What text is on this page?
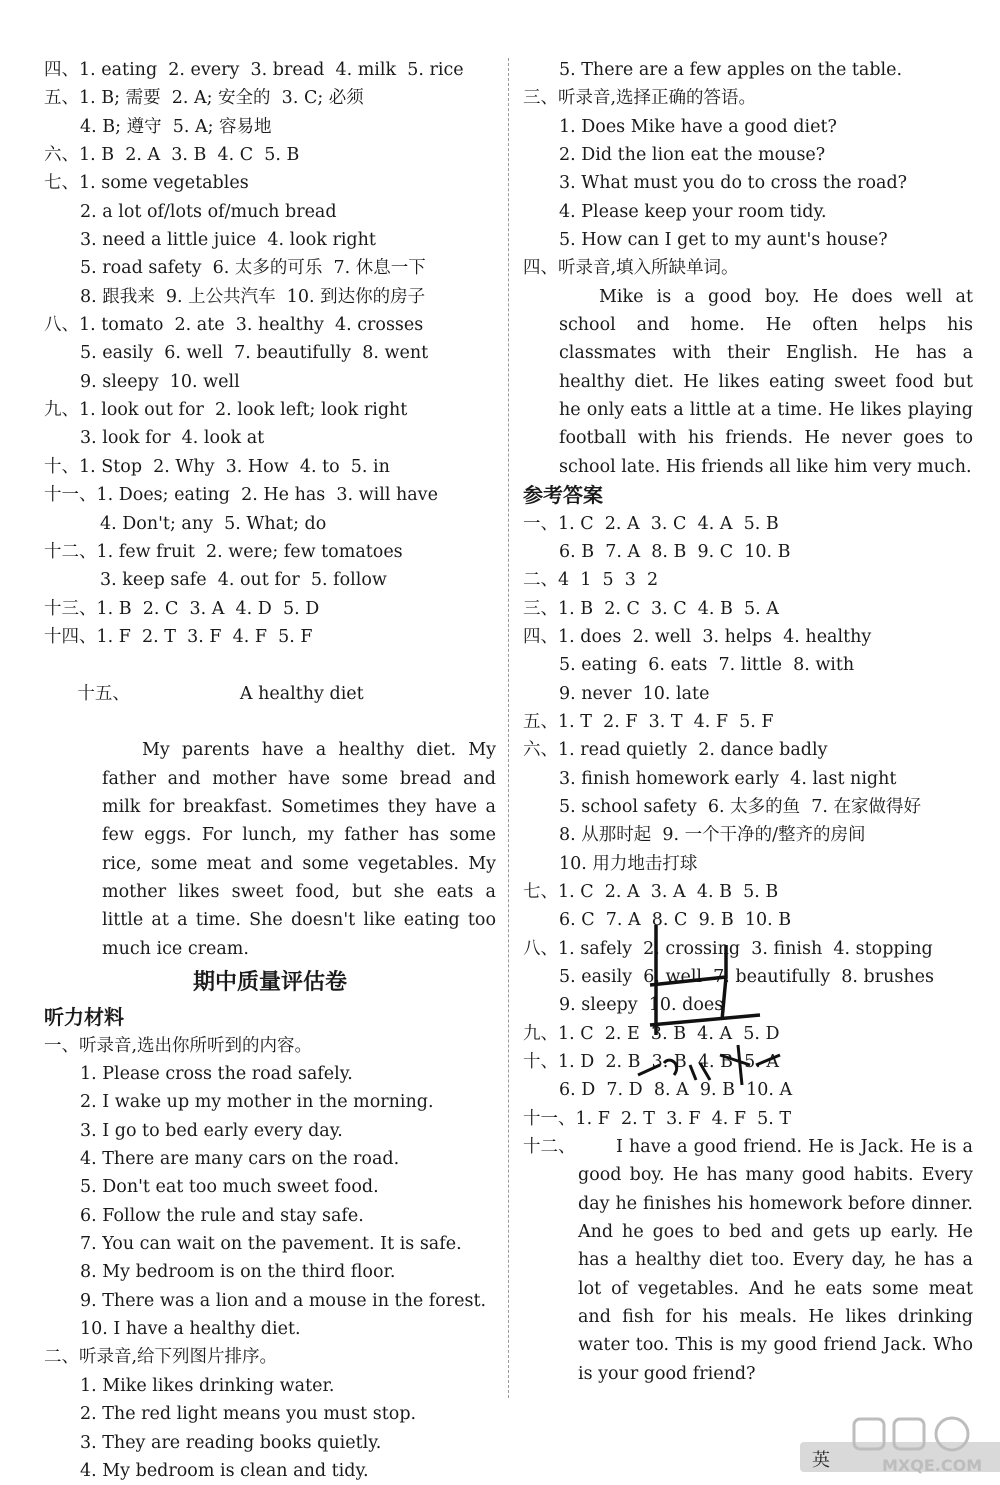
四、1. eating  2. every  3. bread  4. milk  5. rice
五、1. B; 需要  2. A; 安全的  3. C; 必须
4. B; 遵守  5. A; 容易地
六、1. B  2. A  3. B  4. C  5. B
七、1. some vegetables
2. a lot of/lots of/much bread
3. need a little juice  4. look right
5. road safety  6. 太多的可乐  7. 休息一下
8. 跟我来  9. 上公共汽车  10. 到达你的房子
八、1. tomato  2. ate  3. healthy  4. crosses
5. easily  6. well  7. beautifully  8. went
9. sleepy  10. well
九、1. look out for  2. look left; look right
3. look for  4. look at
十、1. Stop  2. Why  3. How  4. to  5. in
十一、1. Does; eating  2. He has  3. will have
4. Don't; any  5. What; do
十二、1. few fruit  2. were; few tomatoes
3. keep safe  4. out for  5. follow
十三、1. B  2. C  3. A  4. D  5. D
十四、1. F  2. T  3. F  4. F  5. F

十五、	A healthy diet

My parents have a healthy diet. My father and mother have some bread and milk for breakfast. Sometimes they have a few eggs. For lunch, my father has some rice, some meat and some vegetables. My mother likes sweet food, but she eats a little at a time. She doesn't like eating too much ice cream.
期中质量评估卷
听力材料
一、听录音,选出你所听到的内容。
1. Please cross the road safely.
2. I wake up my mother in the morning.
3. I go to bed early every day.
4. There are many cars on the road.
5. Don't eat too much sweet food.
6. Follow the rule and stay safe.
7. You can wait on the pavement. It is safe.
8. My bedroom is on the third floor.
9. There was a lion and a mouse in the forest.
10. I have a healthy diet.
二、听录音,给下列图片排序。
1. Mike likes drinking water.
2. The red light means you must stop.
3. They are reading books quietly.
4. My bedroom is clean and tidy.
5. There are a few apples on the table.
三、听录音,选择正确的答语。
1. Does Mike have a good diet?
2. Did the lion eat the mouse?
3. What must you do to cross the road?
4. Please keep your room tidy.
5. How can I get to my aunt's house?
四、听录音,填入所缺单词。
Mike is a good boy. He does well at school and home. He often helps his classmates with their English. He has a healthy diet. He likes eating sweet food but he only eats a little at a time. He likes playing football with his friends. He never goes to school late. His friends all like him very much.
参考答案
一、1. C  2. A  3. C  4. A  5. B
6. B  7. A  8. B  9. C  10. B
二、4  1  5  3  2
三、1. B  2. C  3. C  4. B  5. A
四、1. does  2. well  3. helps  4. healthy
5. eating  6. eats  7. little  8. with
9. never  10. late
五、1. T  2. F  3. T  4. F  5. F
六、1. read quietly  2. dance badly
3. finish homework early  4. last night
5. school safety  6. 太多的鱼  7. 在家做得好
8. 从那时起  9. 一个干净的/整齐的房间
10. 用力地击打球
七、1. C  2. A  3. A  4. B  5. B
6. C  7. A  8. C  9. B  10. B
八、1. safely  2. crossing  3. finish  4. stopping
5. easily  6. well  7. beautifully  8. brushes
9. sleepy  10. does
九、1. C  2. E  3. B  4. A  5. D
十、1. D  2. B  3. B  4. B  5. A
6. D  7. D  8. A  9. B  10. A
十一、1. F  2. T  3. F  4. F  5. T
十二、	I have a good friend. He is Jack. He is a good boy. He has many good habits. Every day he finishes his homework before dinner. And he goes to bed and gets up early. He has a healthy diet too. Every day, he has a lot of vegetables. And he eats some meat and fish for his meals. He likes drinking water too. This is my good friend Jack. Who is your good friend?
英	MXQE.COM
